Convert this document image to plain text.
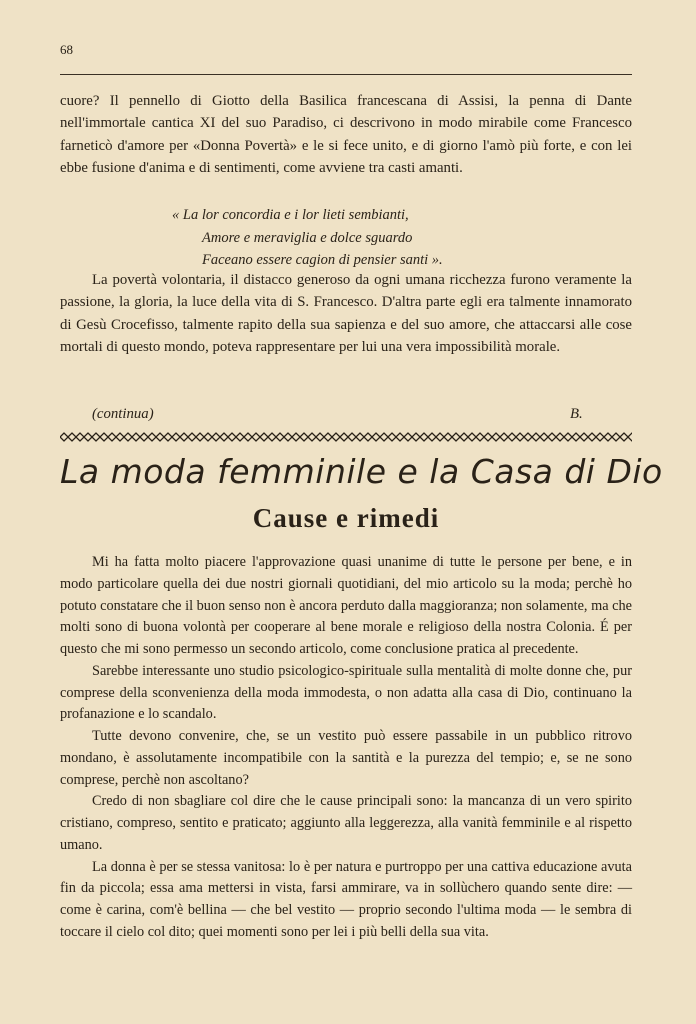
68

cuore? Il pennello di Giotto della Basilica francescana di Assisi, la penna di Dante nell'immortale cantica XI del suo Paradiso, ci descrivono in modo mirabile come Francesco farneticò d'amore per «Donna Povertà» e le si fece unito, e di giorno l'amò più forte, e con lei ebbe fusione d'anima e di sentimenti, come avviene tra casti amanti.

« La lor concordia e i lor lieti sembianti,
Amore e meraviglia e dolce sguardo
Faceano essere cagion di pensier santi ».

La povertà volontaria, il distacco generoso da ogni umana ricchezza furono veramente la passione, la gloria, la luce della vita di S. Francesco. D'altra parte egli era talmente innamorato di Gesù Crocefisso, talmente rapito della sua sapienza e del suo amore, che attaccarsi alle cose mortali di questo mondo, poteva rappresentare per lui una vera impossibilità morale.

(continua)	B.
La moda femminile e la Casa di Dio
Cause e rimedi

Mi ha fatta molto piacere l'approvazione quasi unanime di tutte le persone per bene, e in modo particolare quella dei due nostri giornali quotidiani, del mio articolo su la moda; perchè ho potuto constatare che il buon senso non è ancora perduto dalla maggioranza; non solamente, ma che molti sono di buona volontà per cooperare al bene morale e religioso della nostra Colonia. É per questo che mi sono permesso un secondo articolo, come conclusione pratica al precedente.

Sarebbe interessante uno studio psicologico-spirituale sulla mentalità di molte donne che, pur comprese della sconvenienza della moda immodesta, o non adatta alla casa di Dio, continuano la profanazione e lo scandalo.

Tutte devono convenire, che, se un vestito può essere passabile in un pubblico ritrovo mondano, è assolutamente incompatibile con la santità e la purezza del tempio; e, se ne sono comprese, perchè non ascoltano?

Credo di non sbagliare col dire che le cause principali sono: la mancanza di un vero spirito cristiano, compreso, sentito e praticato; aggiunto alla leggerezza, alla vanità femminile e al rispetto umano.

La donna è per se stessa vanitosa: lo è per natura e purtroppo per una cattiva educazione avuta fin da piccola; essa ama mettersi in vista, farsi ammirare, va in sollùchero quando sente dire: — come è carina, com'è bellina — che bel vestito — proprio secondo l'ultima moda — le sembra di toccare il cielo col dito; quei momenti sono per lei i più belli della sua vita.
